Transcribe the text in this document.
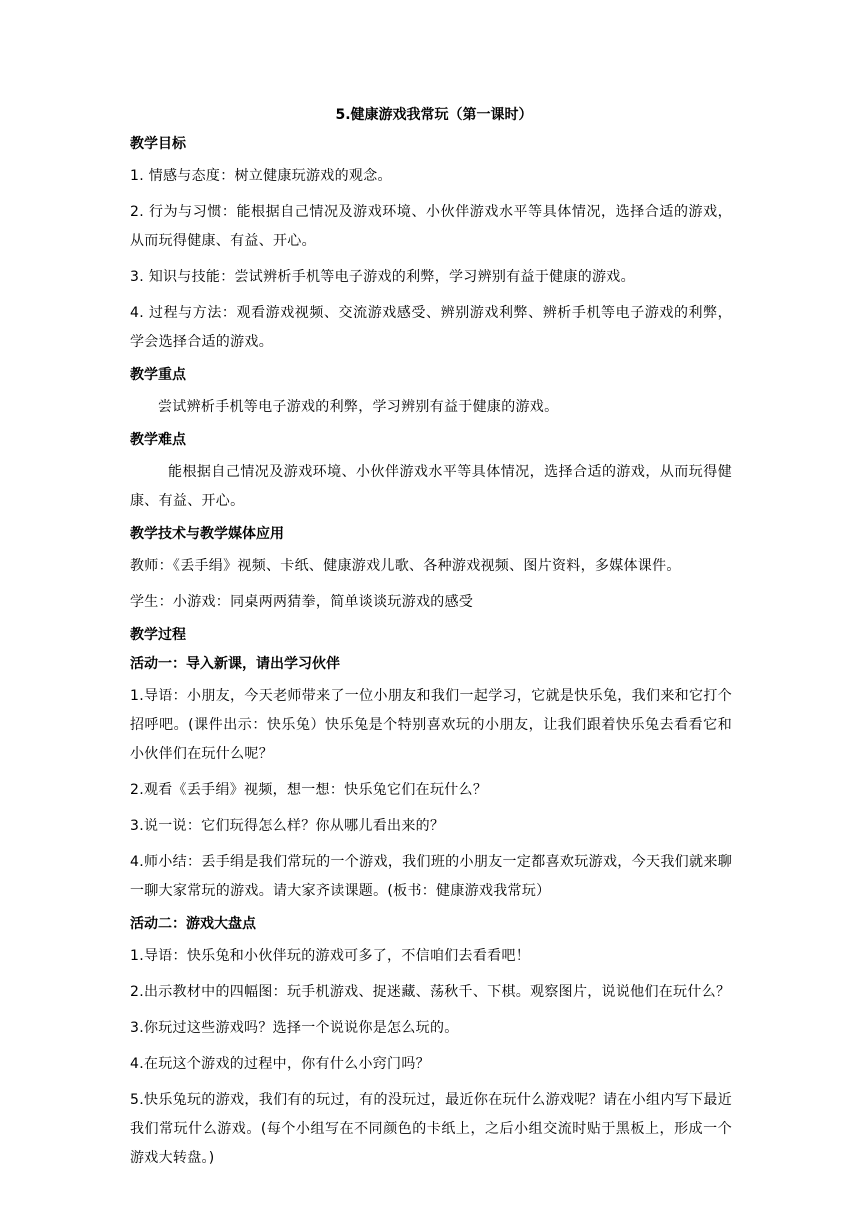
5.健康游戏我常玩（第一课时）
教学目标

1. 情感与态度：树立健康玩游戏的观念。

2. 行为与习惯：能根据自己情况及游戏环境、小伙伴游戏水平等具体情况，选择合适的游戏，从而玩得健康、有益、开心。

3. 知识与技能：尝试辨析手机等电子游戏的利弊，学习辨别有益于健康的游戏。

4. 过程与方法：观看游戏视频、交流游戏感受、辨别游戏利弊、辨析手机等电子游戏的利弊，学会选择合适的游戏。

教学重点

尝试辨析手机等电子游戏的利弊，学习辨别有益于健康的游戏。

教学难点

能根据自己情况及游戏环境、小伙伴游戏水平等具体情况，选择合适的游戏，从而玩得健康、有益、开心。

教学技术与教学媒体应用

教师：《丢手绢》视频、卡纸、健康游戏儿歌、各种游戏视频、图片资料，多媒体课件。

学生：小游戏：同桌两两猜拳，简单谈谈玩游戏的感受

教学过程
活动一：导入新课，请出学习伙伴

1.导语：小朋友，今天老师带来了一位小朋友和我们一起学习，它就是快乐兔，我们来和它打个招呼吧。(课件出示：快乐兔）快乐兔是个特别喜欢玩的小朋友，让我们跟着快乐兔去看看它和小伙伴们在玩什么呢？

2.观看《丢手绢》视频，想一想：快乐兔它们在玩什么？

3.说一说：它们玩得怎么样？你从哪儿看出来的？

4.师小结：丢手绢是我们常玩的一个游戏，我们班的小朋友一定都喜欢玩游戏，今天我们就来聊一聊大家常玩的游戏。请大家齐读课题。(板书：健康游戏我常玩）

活动二：游戏大盘点

1.导语：快乐兔和小伙伴玩的游戏可多了，不信咱们去看看吧！

2.出示教材中的四幅图：玩手机游戏、捉迷藏、荡秋千、下棋。观察图片，说说他们在玩什么？

3.你玩过这些游戏吗？选择一个说说你是怎么玩的。

4.在玩这个游戏的过程中，你有什么小窍门吗？

5.快乐兔玩的游戏，我们有的玩过，有的没玩过，最近你在玩什么游戏呢？请在小组内写下最近我们常玩什么游戏。(每个小组写在不同颜色的卡纸上，之后小组交流时贴于黑板上，形成一个游戏大转盘。)
